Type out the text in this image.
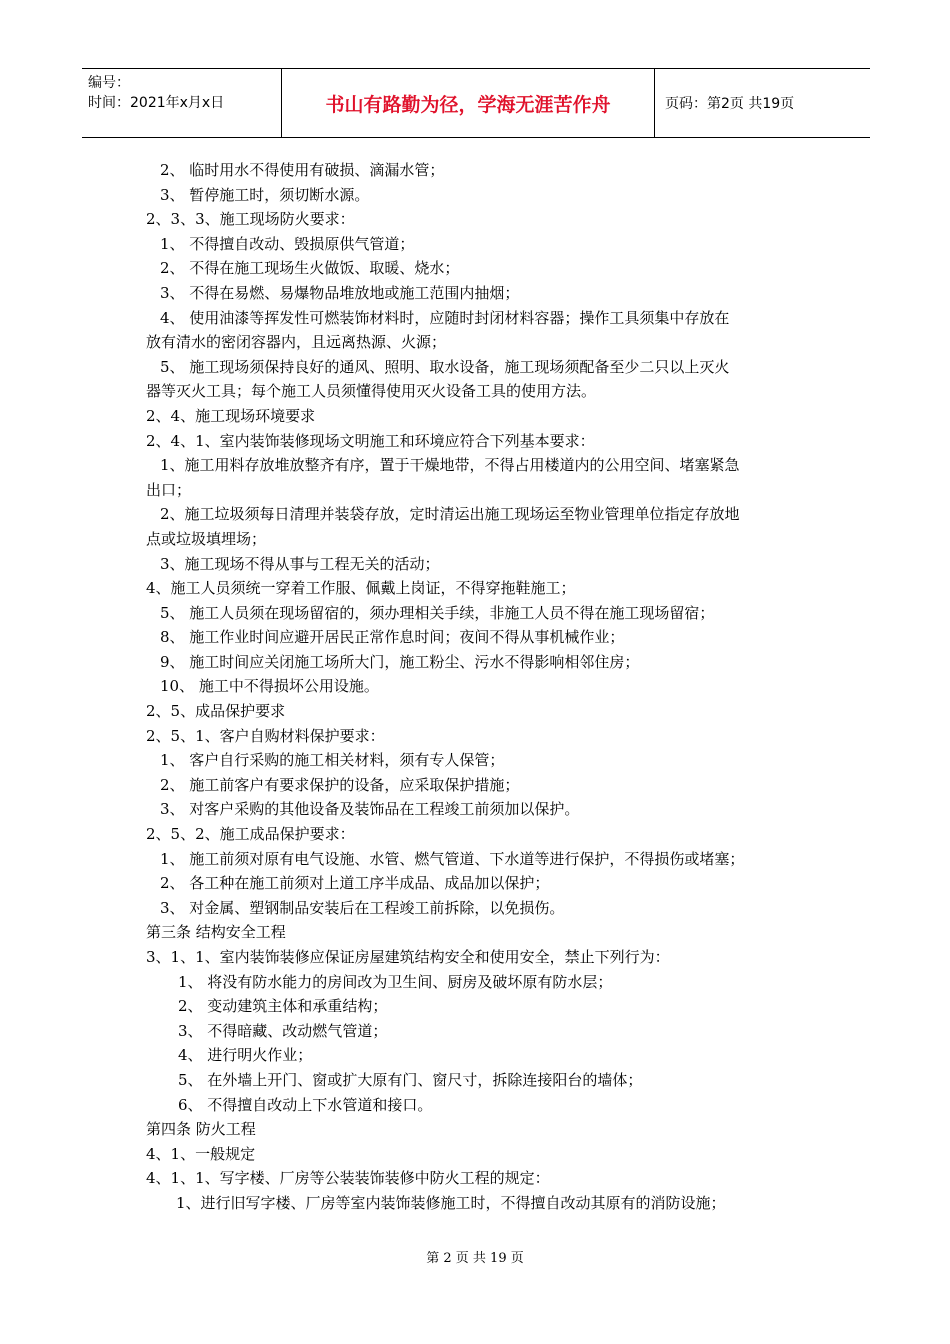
编号：
时间：2021年x月x日	书山有路勤为径，学海无涯苦作舟	页码：第2页 共19页
2、 临时用水不得使用有破损、滴漏水管；
3、 暂停施工时，须切断水源。
2、3、3、施工现场防火要求：
1、 不得擅自改动、毁损原供气管道；
2、 不得在施工现场生火做饭、取暖、烧水；
3、 不得在易燃、易爆物品堆放地或施工范围内抽烟；
4、 使用油漆等挥发性可燃装饰材料时，应随时封闭材料容器；操作工具须集中存放在
放有清水的密闭容器内，且远离热源、火源；
5、 施工现场须保持良好的通风、照明、取水设备，施工现场须配备至少二只以上灭火
器等灭火工具；每个施工人员须懂得使用灭火设备工具的使用方法。
2、4、施工现场环境要求
2、4、1、室内装饰装修现场文明施工和环境应符合下列基本要求：
1、施工用料存放堆放整齐有序，置于干燥地带，不得占用楼道内的公用空间、堵塞紧急
出口；
2、施工垃圾须每日清理并装袋存放，定时清运出施工现场运至物业管理单位指定存放地
点或垃圾填埋场；
3、施工现场不得从事与工程无关的活动；
4、施工人员须统一穿着工作服、佩戴上岗证，不得穿拖鞋施工；
5、 施工人员须在现场留宿的，须办理相关手续，非施工人员不得在施工现场留宿；
8、 施工作业时间应避开居民正常作息时间；夜间不得从事机械作业；
9、 施工时间应关闭施工场所大门，施工粉尘、污水不得影响相邻住房；
10、 施工中不得损坏公用设施。
2、5、成品保护要求
2、5、1、客户自购材料保护要求：
1、 客户自行采购的施工相关材料，须有专人保管；
2、 施工前客户有要求保护的设备，应采取保护措施；
3、 对客户采购的其他设备及装饰品在工程竣工前须加以保护。
2、5、2、施工成品保护要求：
1、 施工前须对原有电气设施、水管、燃气管道、下水道等进行保护，不得损伤或堵塞；
2、 各工种在施工前须对上道工序半成品、成品加以保护；
3、 对金属、塑钢制品安装后在工程竣工前拆除，以免损伤。
第三条 结构安全工程
3、1、1、室内装饰装修应保证房屋建筑结构安全和使用安全，禁止下列行为：
1、 将没有防水能力的房间改为卫生间、厨房及破坏原有防水层；
2、 变动建筑主体和承重结构；
3、 不得暗藏、改动燃气管道；
4、 进行明火作业；
5、 在外墙上开门、窗或扩大原有门、窗尺寸，拆除连接阳台的墙体；
6、 不得擅自改动上下水管道和接口。
第四条 防火工程
4、1、一般规定
4、1、1、写字楼、厂房等公装装饰装修中防火工程的规定：
1、进行旧写字楼、厂房等室内装饰装修施工时，不得擅自改动其原有的消防设施；
第 2 页 共 19 页
